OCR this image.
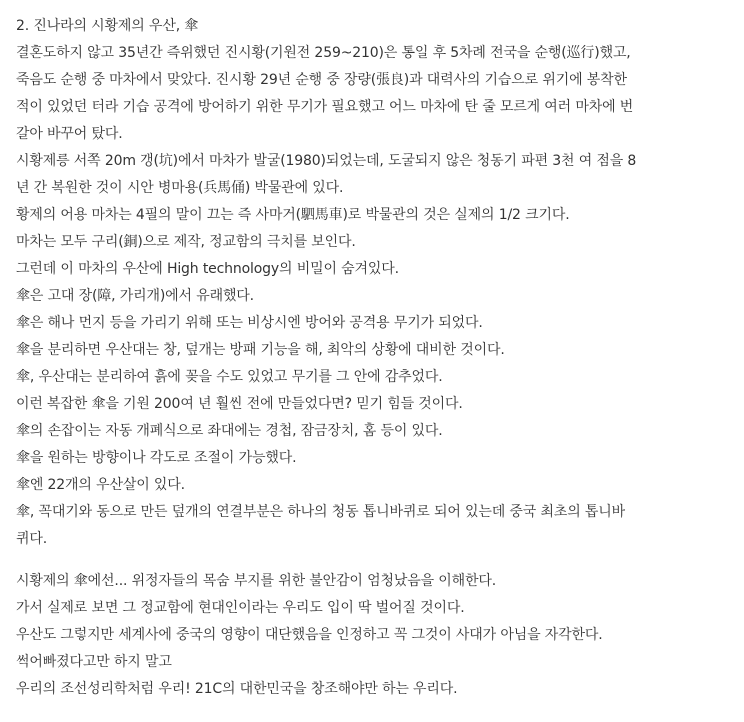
2. 진나라의 시황제의 우산, 傘
결혼도하지 않고 35년간 즉위했던 진시황(기원전 259~210)은 통일 후 5차례 전국을 순행(巡行)했고,
죽음도 순행 중 마차에서 맞았다. 진시황 29년 순행 중 장량(張良)과 대력사의 기습으로 위기에 봉착한
적이 있었던 터라 기습 공격에 방어하기 위한 무기가 필요했고 어느 마차에 탄 줄 모르게 여러 마차에 번
갈아 바꾸어 탔다.
시황제릉 서쪽 20m 갱(坑)에서 마차가 발굴(1980)되었는데, 도굴되지 않은 청동기 파편 3천 여 점을 8
년 간 복원한 것이 시안 병마용(兵馬俑) 박물관에 있다.
황제의 어용 마차는 4필의 말이 끄는 즉 사마거(駟馬車)로 박물관의 것은 실제의 1/2 크기다.
마차는 모두 구리(銅)으로 제작, 정교함의 극치를 보인다.
그런데 이 마차의 우산에 High technology의 비밀이 숨겨있다.
傘은 고대 장(障, 가리개)에서 유래했다.
傘은 해나 먼지 등을 가리기 위해 또는 비상시엔 방어와 공격용 무기가 되었다.
傘을 분리하면 우산대는 창, 덮개는 방패 기능을 해, 최악의 상황에 대비한 것이다.
傘, 우산대는 분리하여 흙에 꽂을 수도 있었고 무기를 그 안에 감추었다.
이런 복잡한 傘을 기원 200여 년 훨씬 전에 만들었다면? 믿기 힘들 것이다.
傘의 손잡이는 자동 개폐식으로 좌대에는 경첩, 잠금장치, 홈 등이 있다.
傘을 원하는 방향이나 각도로 조절이 가능했다.
傘엔 22개의 우산살이 있다.
傘, 꼭대기와 동으로 만든 덮개의 연결부분은 하나의 청동 톱니바퀴로 되어 있는데 중국 최초의 톱니바
퀴다.
시황제의 傘에선... 위정자들의 목숨 부지를 위한 불안감이 엄청났음을 이해한다.
가서 실제로 보면 그 정교함에 현대인이라는 우리도 입이 딱 벌어질 것이다.
우산도 그렇지만 세계사에 중국의 영향이 대단했음을 인정하고 꼭 그것이 사대가 아님을 자각한다.
썩어빠졌다고만 하지 말고
우리의 조선성리학처럼 우리! 21C의 대한민국을 창조해야만 하는 우리다.
